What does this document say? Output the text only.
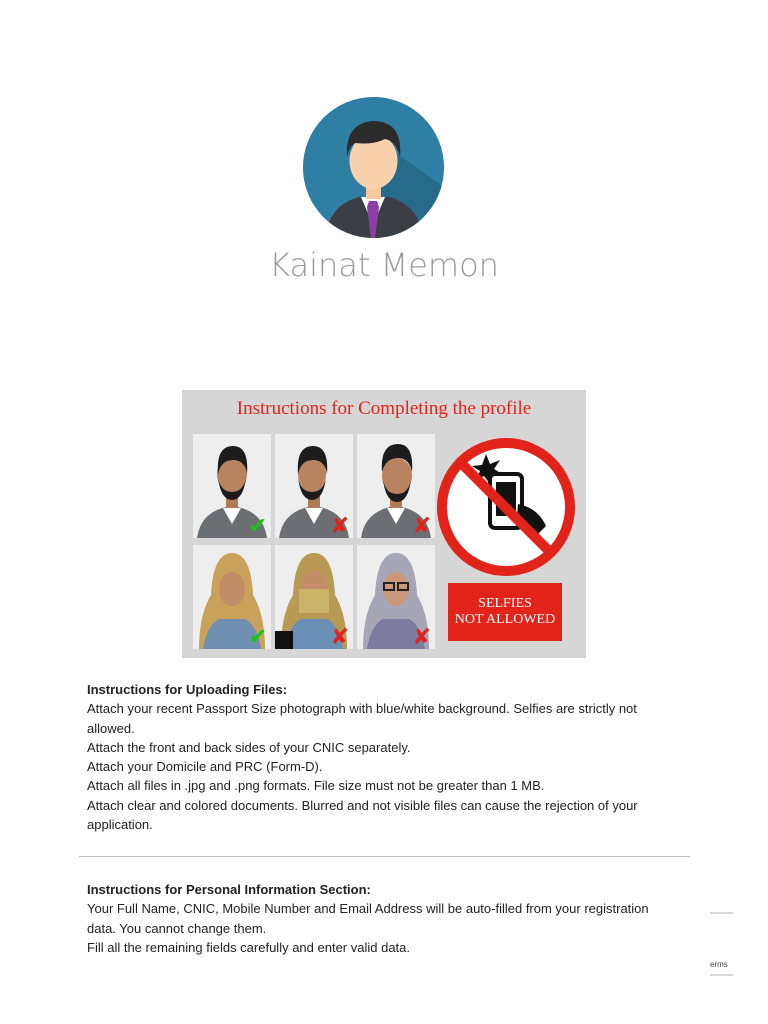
Kainat Memon
Instructions for Completing the profile
✔	✘	✘
✔	✘	✘
SELFIES
NOT ALLOWED
Instructions for Uploading Files:
Attach your recent Passport Size photograph with blue/white background. Selfies are strictly not allowed.
Attach the front and back sides of your CNIC separately.
Attach your Domicile and PRC (Form-D).
Attach all files in .jpg and .png formats. File size must not be greater than 1 MB.
Attach clear and colored documents. Blurred and not visible files can cause the rejection of your application.
Instructions for Personal Information Section:
Your Full Name, CNIC, Mobile Number and Email Address will be auto-filled from your registration data. You cannot change them.
Fill all the remaining fields carefully and enter valid data.
erms
